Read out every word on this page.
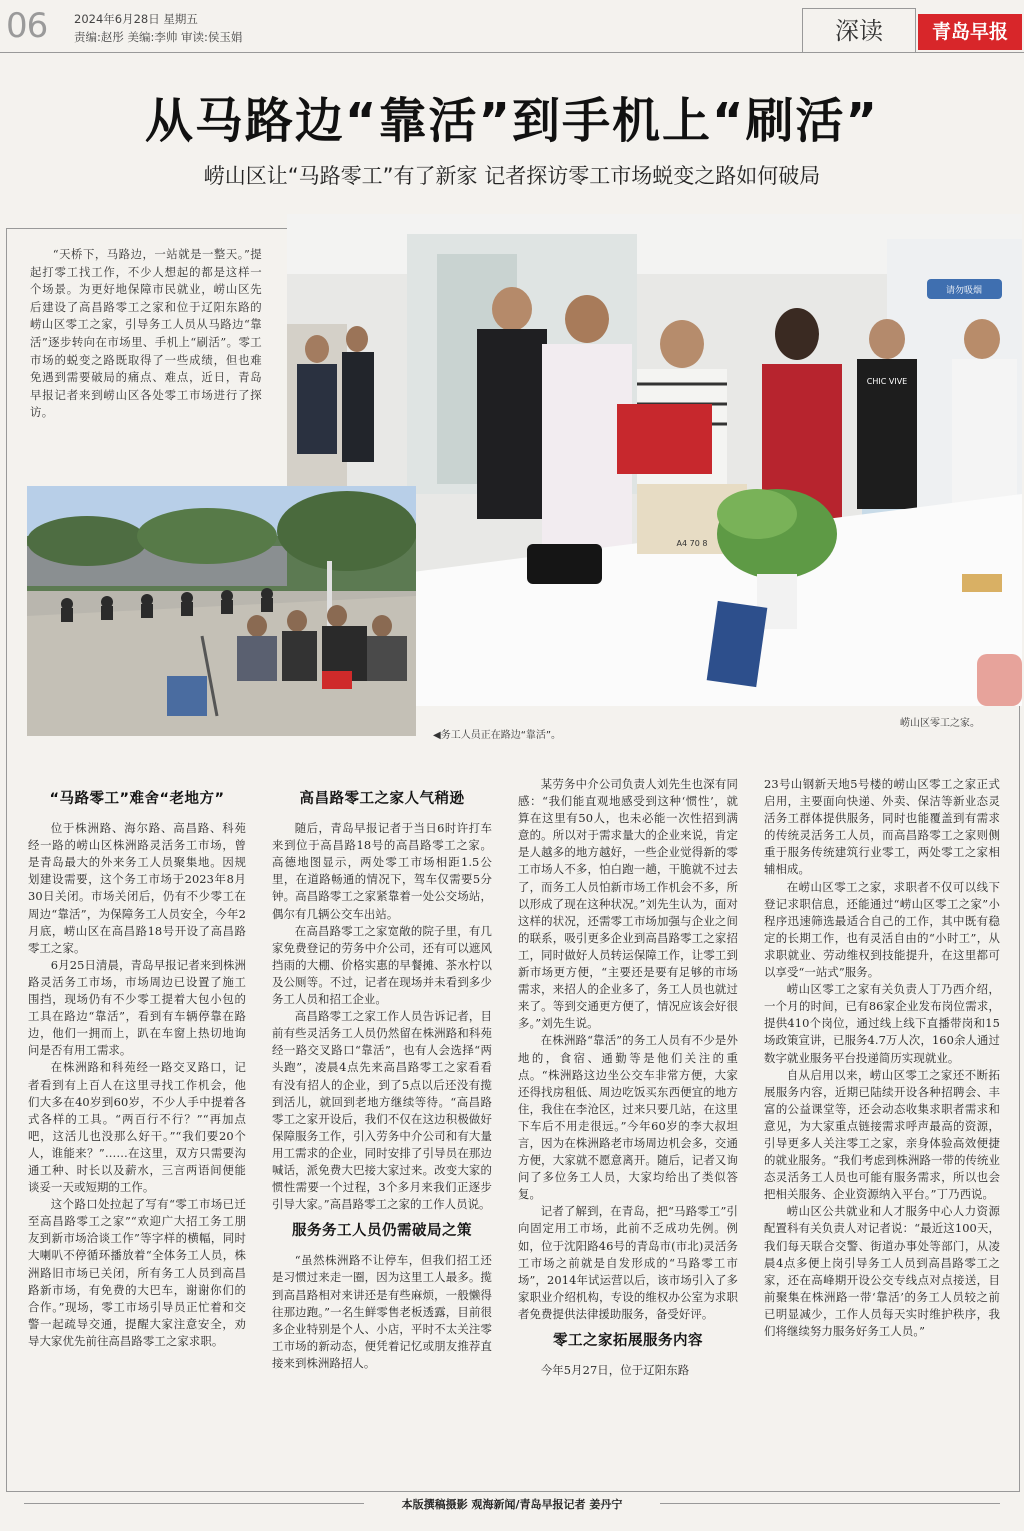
06 2024年6月28日 星期五
责编:赵彤 美编:李帅 审读:侯玉娟	深读	青岛早报
从马路边“靠活”到手机上“刷活”
崂山区让“马路零工”有了新家 记者探访零工市场蜕变之路如何破局

“天桥下，马路边，一站就是一整天。”提起打零工找工作，不少人想起的都是这样一个场景。为更好地保障市民就业，崂山区先后建设了高昌路零工之家和位于辽阳东路的崂山区零工之家，引导务工人员从马路边“靠活”逐步转向在市场里、手机上“刷活”。零工市场的蜕变之路既取得了一些成绩，但也难免遇到需要破局的痛点、难点，近日，青岛早报记者来到崂山区各处零工市场进行了探访。

请勿吸烟
CHIC VIVE
A4 70 8
◀务工人员正在路边“靠活”。
崂山区零工之家。
“马路零工”难舍“老地方”

位于株洲路、海尔路、高昌路、科苑经一路的崂山区株洲路灵活务工市场，曾是青岛最大的外来务工人员聚集地。因规划建设需要，这个务工市场于2023年8月30日关闭。市场关闭后，仍有不少零工在周边“靠活”，为保障务工人员安全，今年2月底，崂山区在高昌路18号开设了高昌路零工之家。

6月25日清晨，青岛早报记者来到株洲路灵活务工市场，市场周边已设置了施工围挡，现场仍有不少零工提着大包小包的工具在路边“靠活”，看到有车辆停靠在路边，他们一拥而上，趴在车窗上热切地询问是否有用工需求。

在株洲路和科苑经一路交叉路口，记者看到有上百人在这里寻找工作机会，他们大多在40岁到60岁，不少人手中提着各式各样的工具。“两百行不行？”“再加点吧，这活儿也没那么好干。”“我们要20个人，谁能来？”……在这里，双方只需要沟通工种、时长以及薪水，三言两语间便能谈妥一天或短期的工作。

这个路口处拉起了写有“零工市场已迁至高昌路零工之家”“欢迎广大招工务工朋友到新市场洽谈工作”等字样的横幅，同时大喇叭不停循环播放着“全体务工人员，株洲路旧市场已关闭，所有务工人员到高昌路新市场，有免费的大巴车，谢谢你们的合作。”现场，零工市场引导员正忙着和交警一起疏导交通，提醒大家注意安全，劝导大家优先前往高昌路零工之家求职。

高昌路零工之家人气稍逊

随后，青岛早报记者于当日6时许打车来到位于高昌路18号的高昌路零工之家。高德地图显示，两处零工市场相距1.5公里，在道路畅通的情况下，驾车仅需要5分钟。高昌路零工之家紧靠着一处公交场站，偶尔有几辆公交车出站。

在高昌路零工之家宽敞的院子里，有几家免费登记的劳务中介公司，还有可以遮风挡雨的大棚、价格实惠的早餐摊、茶水柠以及公厕等。不过，记者在现场并未看到多少务工人员和招工企业。

高昌路零工之家工作人员告诉记者，目前有些灵活务工人员仍然留在株洲路和科苑经一路交叉路口“靠活”，也有人会选择“两头跑”，凌晨4点先来高昌路零工之家看看有没有招人的企业，到了5点以后还没有揽到活儿，就回到老地方继续等待。“高昌路零工之家开设后，我们不仅在这边积极做好保障服务工作，引入劳务中介公司和有大量用工需求的企业，同时安排了引导员在那边喊话，派免费大巴接大家过来。改变大家的惯性需要一个过程，3个多月来我们正逐步引导大家。”高昌路零工之家的工作人员说。

服务务工人员仍需破局之策

“虽然株洲路不让停车，但我们招工还是习惯过来走一圈，因为这里工人最多。揽到高昌路相对来讲还是有些麻烦，一般懒得往那边跑。”一名生鲜零售老板透露，目前很多企业特别是个人、小店，平时不太关注零工市场的新动态，便凭着记忆或朋友推荐直接来到株洲路招人。

某劳务中介公司负责人刘先生也深有同感：“我们能直观地感受到这种‘惯性’，就算在这里有50人，也未必能一次性招到满意的。所以对于需求量大的企业来说，肯定是人越多的地方越好，一些企业觉得新的零工市场人不多，怕白跑一趟，干脆就不过去了，而务工人员怕新市场工作机会不多，所以形成了现在这种状况。”刘先生认为，面对这样的状况，还需零工市场加强与企业之间的联系，吸引更多企业到高昌路零工之家招工，同时做好人员转运保障工作，让零工到新市场更方便，“主要还是要有足够的市场需求，来招人的企业多了，务工人员也就过来了。等到交通更方便了，情况应该会好很多。”刘先生说。

在株洲路“靠活”的务工人员有不少是外地的，食宿、通勤等是他们关注的重点。“株洲路这边坐公交车非常方便，大家还得找房租低、周边吃饭买东西便宜的地方住，我住在李沧区，过来只要几站，在这里下车后不用走很远。”今年60岁的李大叔坦言，因为在株洲路老市场周边机会多，交通方便，大家就不愿意离开。随后，记者又询问了多位务工人员，大家均给出了类似答复。

记者了解到，在青岛，把“马路零工”引向固定用工市场，此前不乏成功先例。例如，位于沈阳路46号的青岛市(市北)灵活务工市场之前就是自发形成的“马路零工市场”，2014年试运营以后，该市场引入了多家职业介绍机构，专设的维权办公室为求职者免费提供法律援助服务，备受好评。

零工之家拓展服务内容

今年5月27日，位于辽阳东路

23号山钢新天地5号楼的崂山区零工之家正式启用，主要面向快递、外卖、保洁等新业态灵活务工群体提供服务，同时也能覆盖到有需求的传统灵活务工人员，而高昌路零工之家则侧重于服务传统建筑行业零工，两处零工之家相辅相成。

在崂山区零工之家，求职者不仅可以线下登记求职信息，还能通过“崂山区零工之家”小程序迅速筛选最适合自己的工作，其中既有稳定的长期工作，也有灵活自由的“小时工”，从求职就业、劳动维权到技能提升，在这里都可以享受“一站式”服务。

崂山区零工之家有关负责人丁乃西介绍，一个月的时间，已有86家企业发布岗位需求，提供410个岗位，通过线上线下直播带岗和15场政策宣讲，已服务4.7万人次，160余人通过数字就业服务平台投递简历实现就业。

自从启用以来，崂山区零工之家还不断拓展服务内容，近期已陆续开设各种招聘会、丰富的公益课堂等，还会动态收集求职者需求和意见，为大家重点链接需求呼声最高的资源，引导更多人关注零工之家，亲身体验高效便捷的就业服务。“我们考虑到株洲路一带的传统业态灵活务工人员也可能有服务需求，所以也会把相关服务、企业资源纳入平台。”丁乃西说。

崂山区公共就业和人才服务中心人力资源配置科有关负责人对记者说：“最近这100天，我们每天联合交警、街道办事处等部门，从凌晨4点多便上岗引导务工人员到高昌路零工之家，还在高峰期开设公交专线点对点接送，目前聚集在株洲路一带‘靠活’的务工人员较之前已明显减少，工作人员每天实时维护秩序，我们将继续努力服务好务工人员。”

本版撰稿摄影 观海新闻/青岛早报记者 姜丹宁
